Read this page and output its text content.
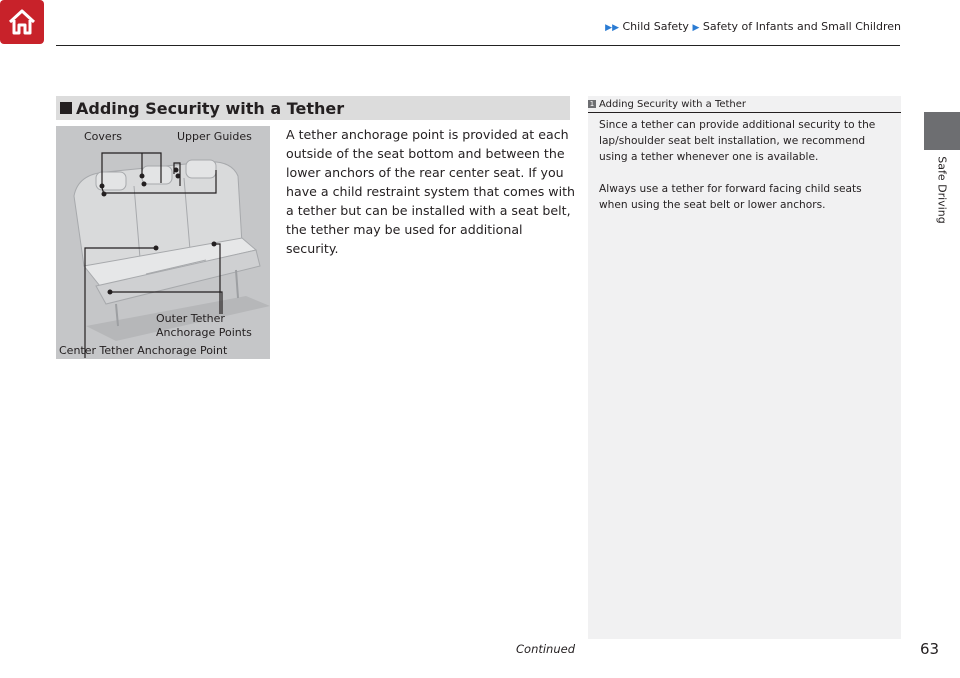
▶▶ Child Safety ▶ Safety of Infants and Small Children
Safe Driving
Adding Security with a Tether
Covers	Upper Guides
Outer Tether
Anchorage Points
Center Tether Anchorage Point
A tether anchorage point is provided at each outside of the seat bottom and between the lower anchors of the rear center seat. If you have a child restraint system that comes with a tether but can be installed with a seat belt, the tether may be used for additional security.
1 Adding Security with a Tether

Since a tether can provide additional security to the lap/shoulder seat belt installation, we recommend using a tether whenever one is available.

Always use a tether for forward facing child seats when using the seat belt or lower anchors.

Continued	63
